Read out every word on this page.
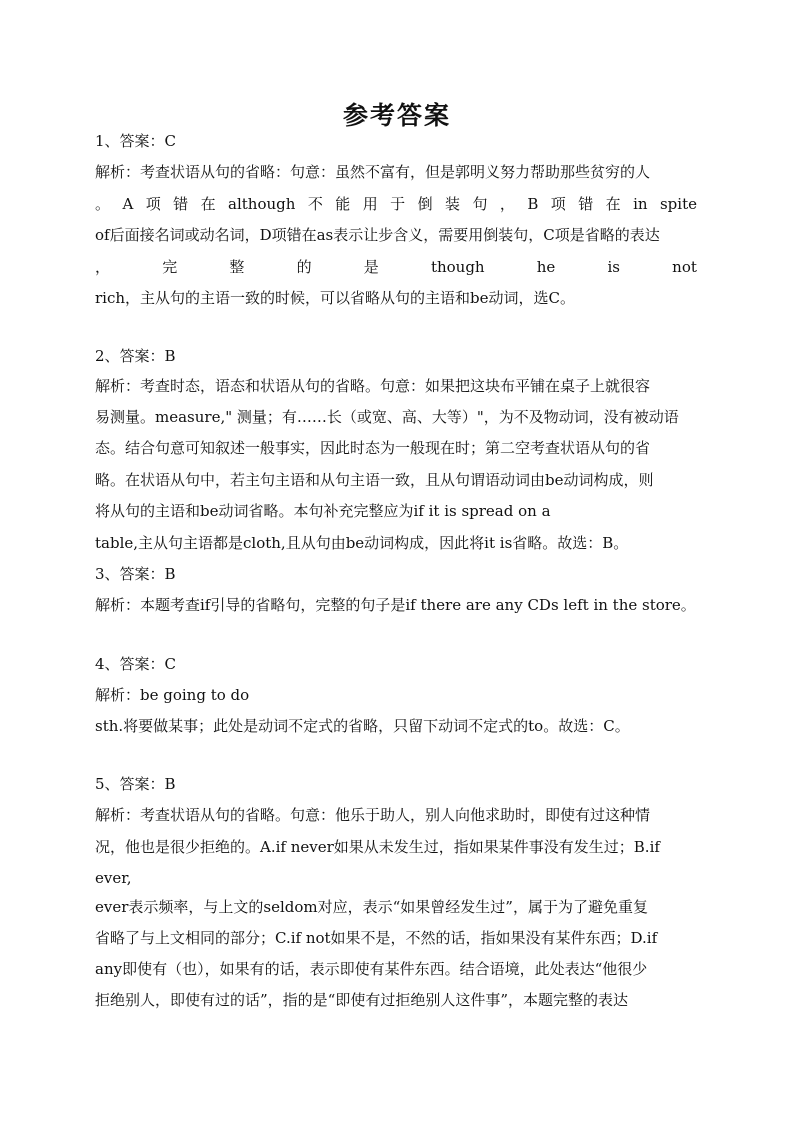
参考答案

1、答案：C

解析：考查状语从句的省略：句意：虽然不富有，但是郭明义努力帮助那些贫穷的人

。 A 项 错 在 although 不 能 用 于 倒 装 句 ， B 项 错 在 in spite

of后面接名词或动名词，D项错在as表示让步含义，需要用倒装句，C项是省略的表达

，	完	整	的	是	though	he	is	not

rich，主从句的主语一致的时候，可以省略从句的主语和be动词，选C。

2、答案：B

解析：考查时态，语态和状语从句的省略。句意：如果把这块布平铺在桌子上就很容

易测量。measure," 测量；有……长（或宽、高、大等）"，为不及物动词，没有被动语

态。结合句意可知叙述一般事实，因此时态为一般现在时；第二空考查状语从句的省

略。在状语从句中，若主句主语和从句主语一致，且从句谓语动词由be动词构成，则

将从句的主语和be动词省略。本句补充完整应为if it is spread on a

table,主从句主语都是cloth,且从句由be动词构成，因此将it is省略。故选：B。

3、答案：B

解析：本题考查if引导的省略句，完整的句子是if there are any CDs left in the store。

4、答案：C

解析：be going to do

sth.将要做某事；此处是动词不定式的省略，只留下动词不定式的to。故选：C。

5、答案：B

解析：考查状语从句的省略。句意：他乐于助人，别人向他求助时，即使有过这种情

况，他也是很少拒绝的。A.if never如果从未发生过，指如果某件事没有发生过；B.if

ever,

ever表示频率，与上文的seldom对应，表示“如果曾经发生过”，属于为了避免重复

省略了与上文相同的部分；C.if not如果不是，不然的话，指如果没有某件东西；D.if

any即使有（也），如果有的话，表示即使有某件东西。结合语境，此处表达“他很少

拒绝别人，即使有过的话”，指的是“即使有过拒绝别人这件事”，本题完整的表达
